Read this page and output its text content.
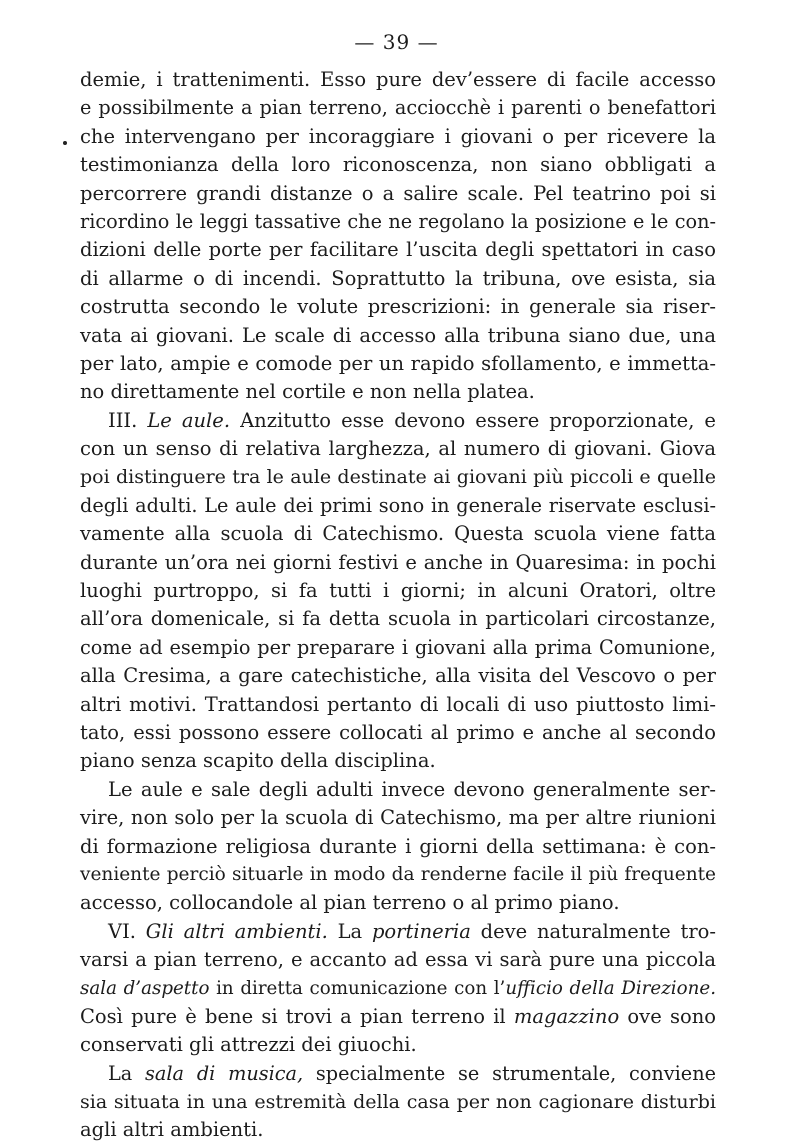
— 39 —
demie, i trattenimenti. Esso pure dev’essere di facile accesso
e possibilmente a pian terreno, acciocchè i parenti o benefattori
che intervengano per incoraggiare i giovani o per ricevere la
testimonianza della loro riconoscenza, non siano obbligati a
percorrere grandi distanze o a salire scale. Pel teatrino poi si
ricordino le leggi tassative che ne regolano la posizione e le con-
dizioni delle porte per facilitare l’uscita degli spettatori in caso
di allarme o di incendi. Soprattutto la tribuna, ove esista, sia
costrutta secondo le volute prescrizioni: in generale sia riser-
vata ai giovani. Le scale di accesso alla tribuna siano due, una
per lato, ampie e comode per un rapido sfollamento, e immetta-
no direttamente nel cortile e non nella platea.
III. Le aule. Anzitutto esse devono essere proporzionate, e
con un senso di relativa larghezza, al numero di giovani. Giova
poi distinguere tra le aule destinate ai giovani più piccoli e quelle
degli adulti. Le aule dei primi sono in generale riservate esclusi-
vamente alla scuola di Catechismo. Questa scuola viene fatta
durante un’ora nei giorni festivi e anche in Quaresima: in pochi
luoghi purtroppo, si fa tutti i giorni; in alcuni Oratori, oltre
all’ora domenicale, si fa detta scuola in particolari circostanze,
come ad esempio per preparare i giovani alla prima Comunione,
alla Cresima, a gare catechistiche, alla visita del Vescovo o per
altri motivi. Trattandosi pertanto di locali di uso piuttosto limi-
tato, essi possono essere collocati al primo e anche al secondo
piano senza scapito della disciplina.
Le aule e sale degli adulti invece devono generalmente ser-
vire, non solo per la scuola di Catechismo, ma per altre riunioni
di formazione religiosa durante i giorni della settimana: è con-
veniente perciò situarle in modo da renderne facile il più frequente
accesso, collocandole al pian terreno o al primo piano.
VI. Gli altri ambienti. La portineria deve naturalmente tro-
varsi a pian terreno, e accanto ad essa vi sarà pure una piccola
sala d’aspetto in diretta comunicazione con l’ufficio della Direzione.
Così pure è bene si trovi a pian terreno il magazzino ove sono
conservati gli attrezzi dei giuochi.
La sala di musica, specialmente se strumentale, conviene
sia situata in una estremità della casa per non cagionare disturbi
agli altri ambienti.
